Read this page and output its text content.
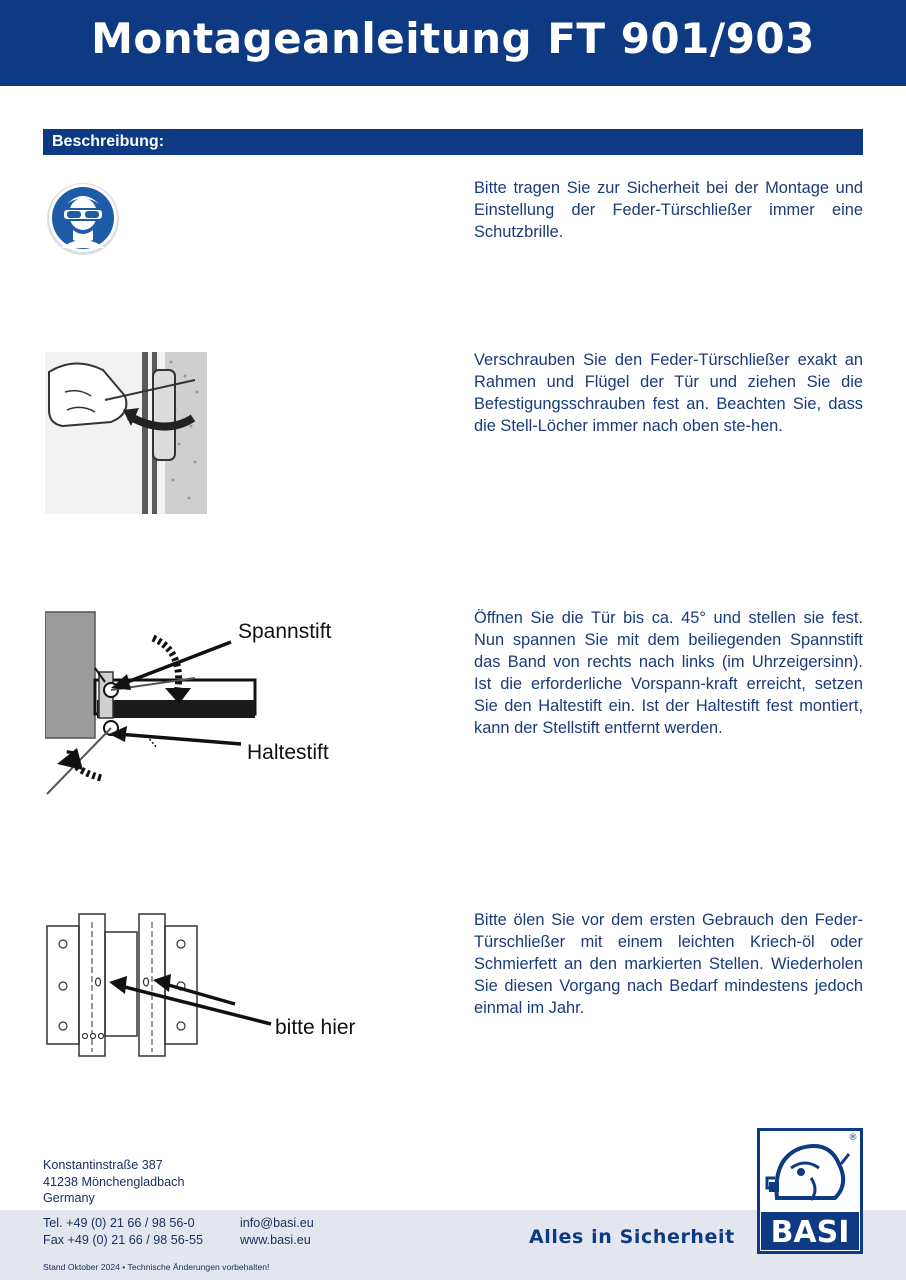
Montageanleitung FT 901/903
Beschreibung:
Bitte tragen Sie zur Sicherheit bei der Montage und Einstellung der Feder-Türschließer immer eine Schutzbrille.
Verschrauben Sie den Feder-Türschließer exakt an Rahmen und Flügel der Tür und ziehen Sie die Befestigungsschrauben fest an. Beachten Sie, dass die Stell-Löcher immer nach oben ste-hen.
Spannstift
Haltestift
Öffnen Sie die Tür bis ca. 45° und stellen sie fest. Nun spannen Sie mit dem beiliegenden Spannstift das Band von rechts nach links (im Uhrzeigersinn). Ist die erforderliche Vorspann-kraft erreicht, setzen Sie den Haltestift ein. Ist der Haltestift fest montiert, kann der Stellstift entfernt werden.
bitte hier
Bitte ölen Sie vor dem ersten Gebrauch den Feder-Türschließer mit einem leichten Kriech-öl oder Schmierfett an den markierten Stellen. Wiederholen Sie diesen Vorgang nach Bedarf mindestens jedoch einmal im Jahr.
Konstantinstraße 387
41238 Mönchengladbach
Germany
Tel. +49 (0) 21 66 / 98 56-0
Fax +49 (0) 21 66 / 98 56-55
info@basi.eu
www.basi.eu	Alles in Sicherheit
Stand Oktober 2024 • Technische Änderungen vorbehalten!
BASI
®
